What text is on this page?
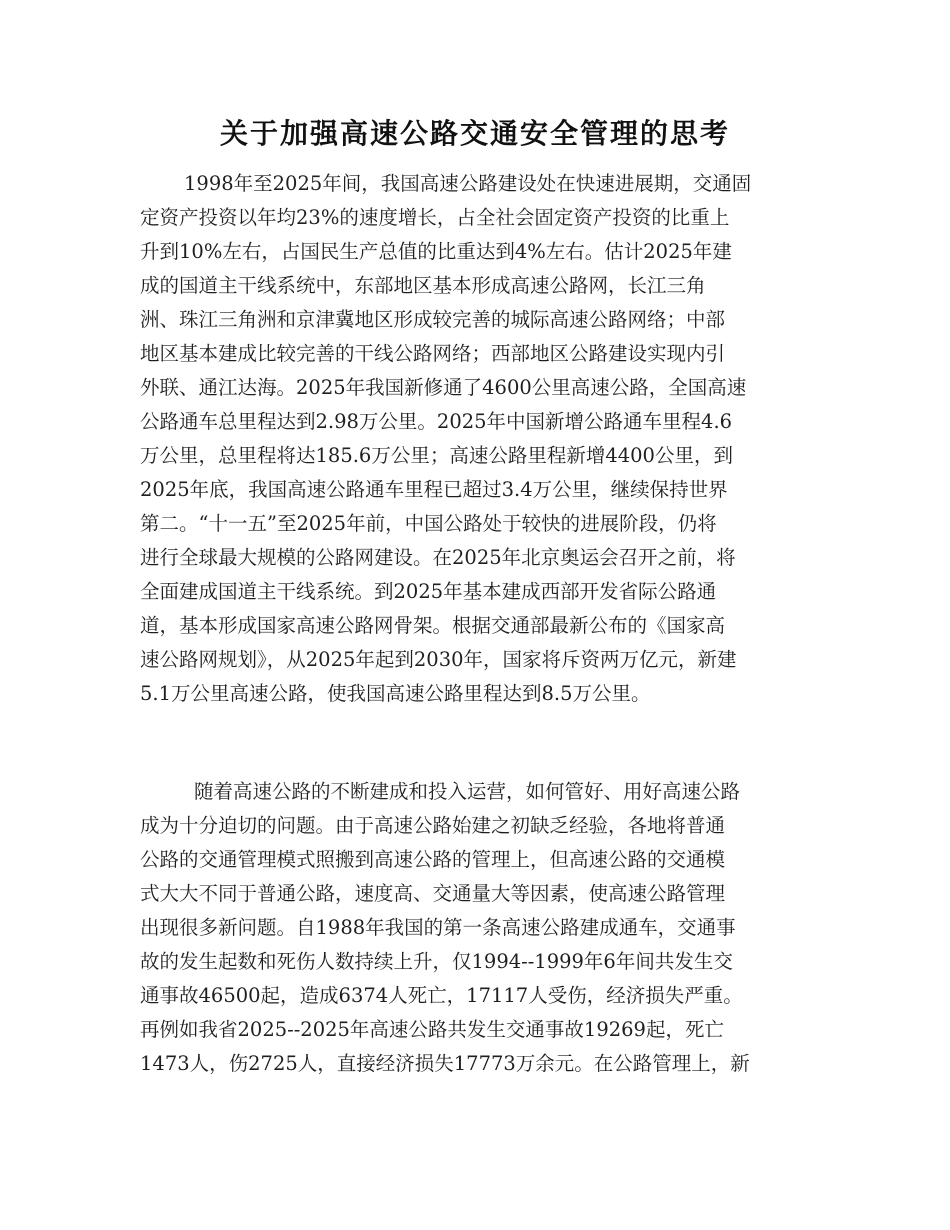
关于加强高速公路交通安全管理的思考
1998年至2025年间，我国高速公路建设处在快速进展期，交通固
定资产投资以年均23%的速度增长，占全社会固定资产投资的比重上
升到10%左右，占国民生产总值的比重达到4%左右。估计2025年建
成的国道主干线系统中，东部地区基本形成高速公路网，长江三角
洲、珠江三角洲和京津冀地区形成较完善的城际高速公路网络；中部
地区基本建成比较完善的干线公路网络；西部地区公路建设实现内引
外联、通江达海。2025年我国新修通了4600公里高速公路，全国高速
公路通车总里程达到2.98万公里。2025年中国新增公路通车里程4.6
万公里，总里程将达185.6万公里；高速公路里程新增4400公里，到
2025年底，我国高速公路通车里程已超过3.4万公里，继续保持世界
第二。“十一五”至2025年前，中国公路处于较快的进展阶段，仍将
进行全球最大规模的公路网建设。在2025年北京奥运会召开之前，将
全面建成国道主干线系统。到2025年基本建成西部开发省际公路通
道，基本形成国家高速公路网骨架。根据交通部最新公布的《国家高
速公路网规划》，从2025年起到2030年，国家将斥资两万亿元，新建
5.1万公里高速公路，使我国高速公路里程达到8.5万公里。
随着高速公路的不断建成和投入运营，如何管好、用好高速公路
成为十分迫切的问题。由于高速公路始建之初缺乏经验，各地将普通
公路的交通管理模式照搬到高速公路的管理上，但高速公路的交通模
式大大不同于普通公路，速度高、交通量大等因素，使高速公路管理
出现很多新问题。自1988年我国的第一条高速公路建成通车，交通事
故的发生起数和死伤人数持续上升，仅1994--1999年6年间共发生交
通事故46500起，造成6374人死亡，17117人受伤，经济损失严重。
再例如我省2025--2025年高速公路共发生交通事故19269起，死亡
1473人，伤2725人，直接经济损失17773万余元。在公路管理上，新
